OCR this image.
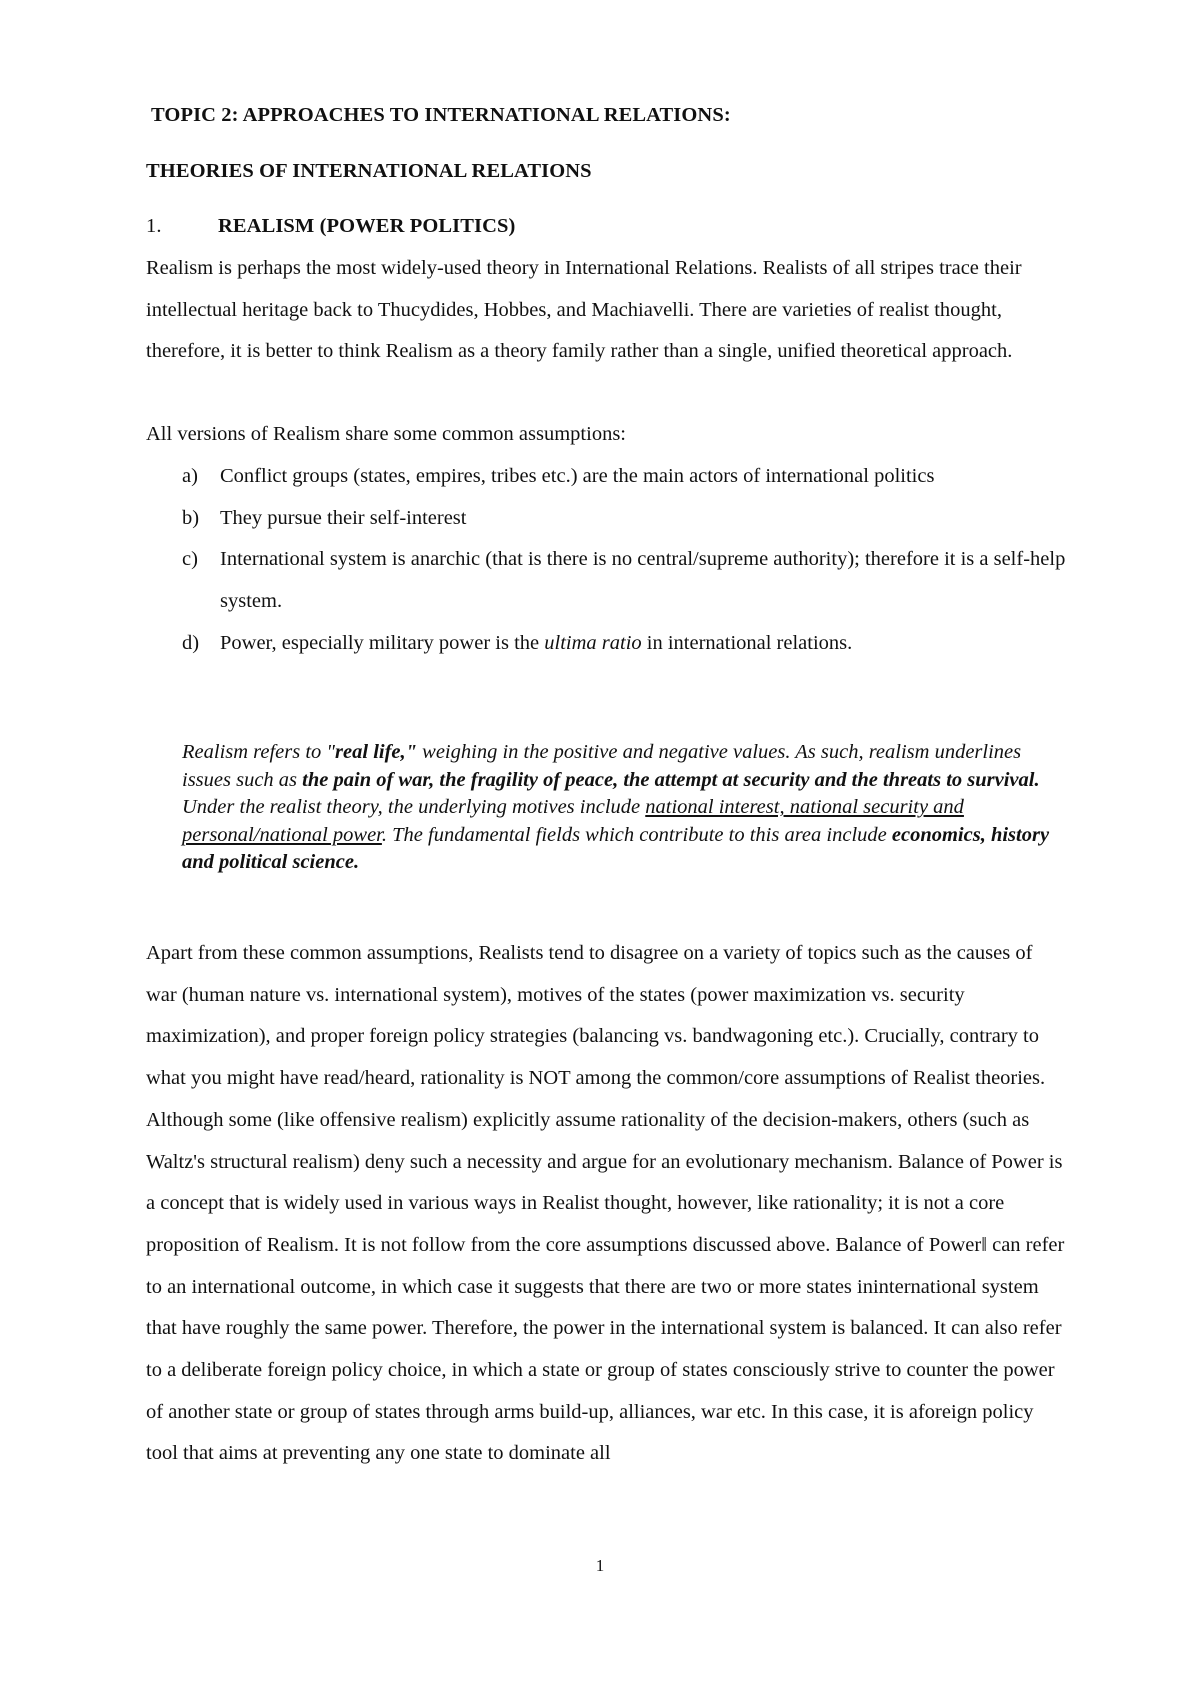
TOPIC 2: APPROACHES TO INTERNATIONAL RELATIONS:
THEORIES OF INTERNATIONAL RELATIONS
1.	REALISM (POWER POLITICS)

Realism is perhaps the most widely-used theory in International Relations. Realists of all stripes trace their intellectual heritage back to Thucydides, Hobbes, and Machiavelli. There are varieties of realist thought, therefore, it is better to think Realism as a theory family rather than a single, unified theoretical approach.

All versions of Realism share some common assumptions:

a) Conflict groups (states, empires, tribes etc.) are the main actors of international politics
b) They pursue their self-interest
c) International system is anarchic (that is there is no central/supreme authority); therefore it is a self-help system.
d) Power, especially military power is the ultima ratio in international relations.

Realism refers to "real life," weighing in the positive and negative values. As such, realism underlines issues such as the pain of war, the fragility of peace, the attempt at security and the threats to survival. Under the realist theory, the underlying motives include national interest, national security and personal/national power. The fundamental fields which contribute to this area include economics, history and political science.

Apart from these common assumptions, Realists tend to disagree on a variety of topics such as the causes of war (human nature vs. international system), motives of the states (power maximization vs. security maximization), and proper foreign policy strategies (balancing vs. bandwagoning etc.). Crucially, contrary to what you might have read/heard, rationality is NOT among the common/core assumptions of Realist theories. Although some (like offensive realism) explicitly assume rationality of the decision-makers, others (such as Waltz's structural realism) deny such a necessity and argue for an evolutionary mechanism. Balance of Power is a concept that is widely used in various ways in Realist thought, however, like rationality; it is not a core proposition of Realism. It is not follow from the core assumptions discussed above. Balance of Power‖ can refer to an international outcome, in which case it suggests that there are two or more states ininternational system that have roughly the same power. Therefore, the power in the international system is balanced. It can also refer to a deliberate foreign policy choice, in which a state or group of states consciously strive to counter the power of another state or group of states through arms build-up, alliances, war etc. In this case, it is aforeign policy tool that aims at preventing any one state to dominate all

1
